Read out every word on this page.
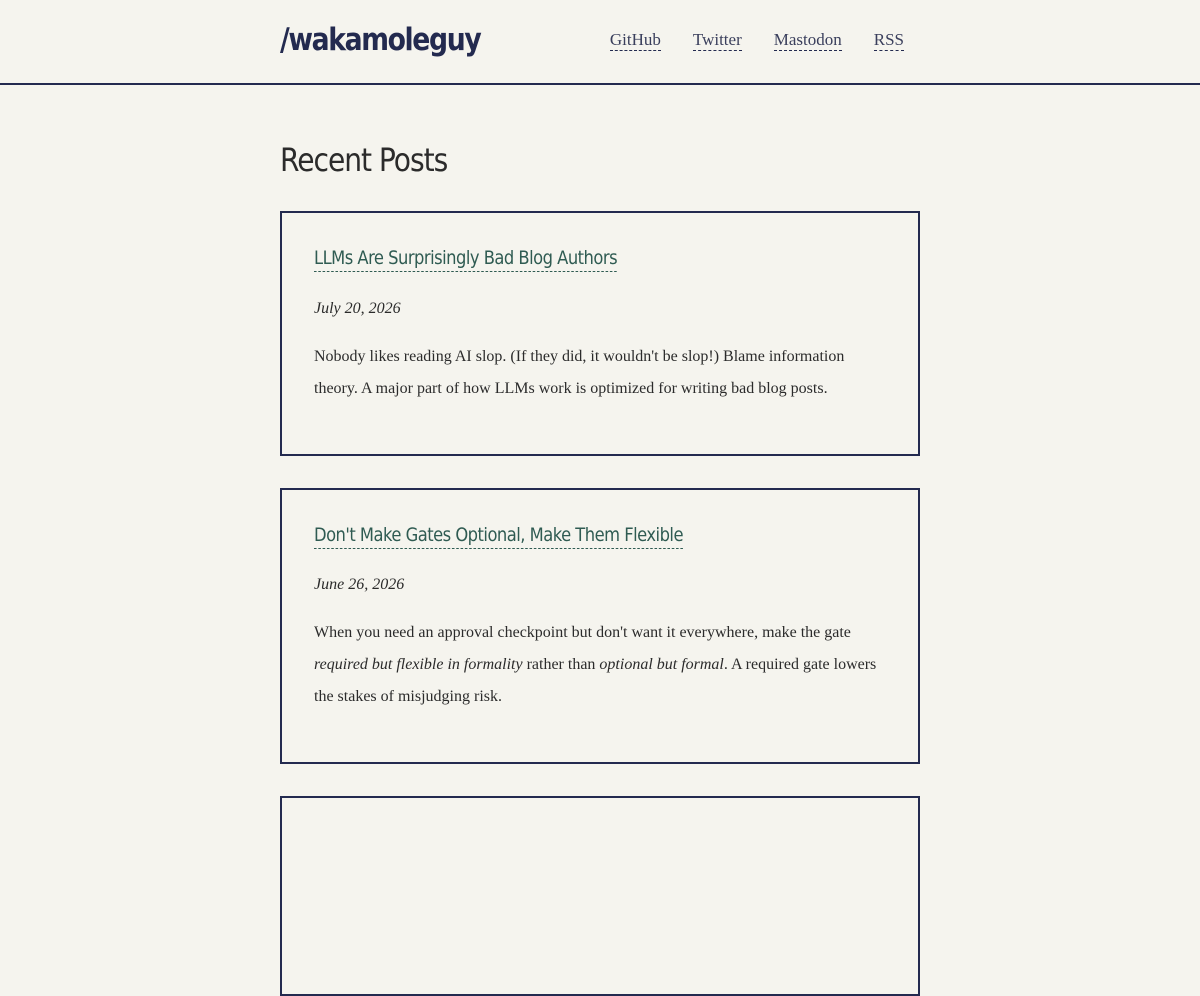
/wakamoleguy	GitHub Twitter Mastodon RSS
Recent Posts
LLMs Are Surprisingly Bad Blog Authors
July 20, 2026

Nobody likes reading AI slop. (If they did, it wouldn't be slop!) Blame information theory. A major part of how LLMs work is optimized for writing bad blog posts.

Don't Make Gates Optional, Make Them Flexible
June 26, 2026

When you need an approval checkpoint but don't want it everywhere, make the gate required but flexible in formality rather than optional but formal. A required gate lowers the stakes of misjudging risk.
